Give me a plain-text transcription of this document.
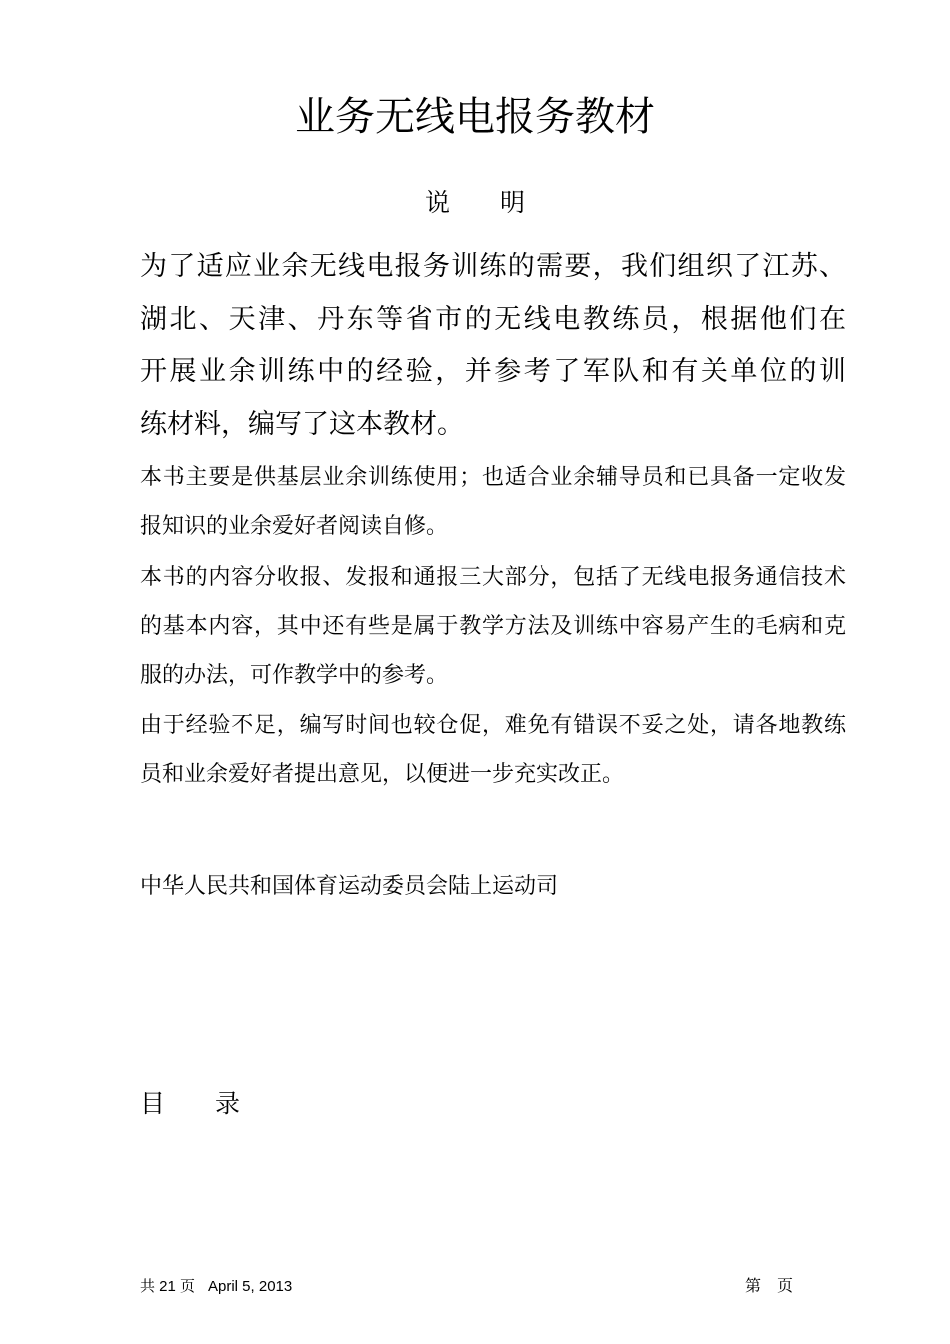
业务无线电报务教材
说　　明
为了适应业余无线电报务训练的需要，我们组织了江苏、
湖北、天津、丹东等省市的无线电教练员，根据他们在
开展业余训练中的经验，并参考了军队和有关单位的训
练材料，编写了这本教材。
本书主要是供基层业余训练使用；也适合业余辅导员和已具备一定收发
报知识的业余爱好者阅读自修。
本书的内容分收报、发报和通报三大部分，包括了无线电报务通信技术
的基本内容，其中还有些是属于教学方法及训练中容易产生的毛病和克
服的办法，可作教学中的参考。
由于经验不足，编写时间也较仓促，难免有错误不妥之处，请各地教练
员和业余爱好者提出意见，以便进一步充实改正。
中华人民共和国体育运动委员会陆上运动司
目　　录
共 21 页 April 5, 2013	第　页
